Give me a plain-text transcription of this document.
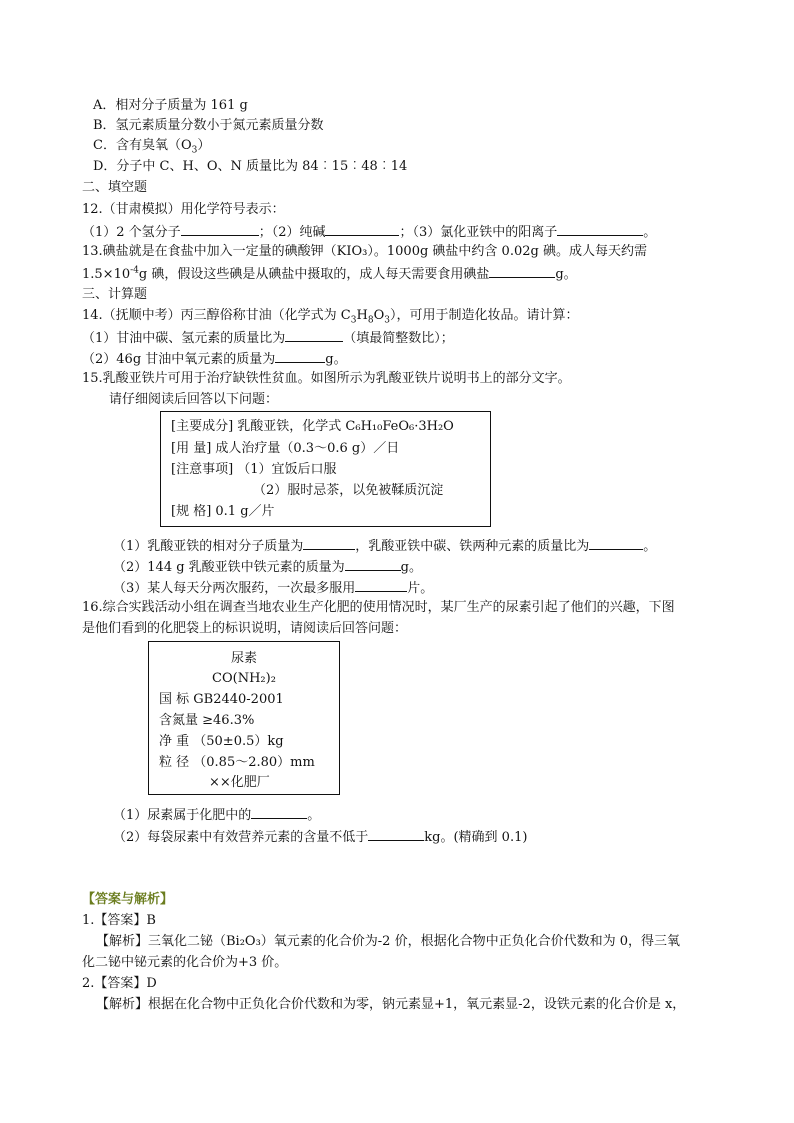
A．相对分子质量为 161 g
B．氢元素质量分数小于氮元素质量分数
C．含有臭氧$(O_3)$
D．分子中 C、H、O、N 质量比为 84︰15︰48︰14
二、填空题
12.（甘肃模拟）用化学符号表示：
（1）2 个氢分子	；（2）纯碱	；（3）氯化亚铁中的阳离子	。
13.碘盐就是在食盐中加入一定量的碘酸钾（KIO₃）。1000g 碘盐中约含 0.02g 碘。成人每天约需
$1.5\times 10^{-4}g$ 碘，假设这些碘是从碘盐中摄取的，成人每天需要食用碘盐	g。
三、计算题
14.（抚顺中考）丙三醇俗称甘油（化学式为 $C_3H_8O_3$），可用于制造化妆品。请计算：
（1）甘油中碳、氢元素的质量比为	（填最简整数比）；
（2）46g 甘油中氧元素的质量为	g。
15.乳酸亚铁片可用于治疗缺铁性贫血。如图所示为乳酸亚铁片说明书上的部分文字。
请仔细阅读后回答以下问题：
[主要成分] 乳酸亚铁，化学式 C₆H₁₀FeO₆·3H₂O
[用 量] 成人治疗量（0.3～0.6 g）／日
[注意事项] （1）宜饭后口服
（2）服时忌茶，以免被鞣质沉淀
[规 格] 0.1 g／片
（1）乳酸亚铁的相对分子质量为	，乳酸亚铁中碳、铁两种元素的质量比为	。
（2）144 g 乳酸亚铁中铁元素的质量为	g。
（3）某人每天分两次服药，一次最多服用	片。
16.综合实践活动小组在调查当地农业生产化肥的使用情况时，某厂生产的尿素引起了他们的兴趣，下图
是他们看到的化肥袋上的标识说明，请阅读后回答问题：
尿素
CO(NH₂)₂
国 标 GB2440-2001
含氮量 ≥46.3%
净 重 （50±0.5）kg
粒 径 （0.85～2.80）mm
××化肥厂
（1）尿素属于化肥中的	。
（2）每袋尿素中有效营养元素的含量不低于	kg。(精确到 0.1)
【答案与解析】
1.【答案】B
【解析】三氧化二铋（Bi₂O₃）氧元素的化合价为-2 价，根据化合物中正负化合价代数和为 0，得三氧
化二铋中铋元素的化合价为+3 价。
2.【答案】D
【解析】根据在化合物中正负化合价代数和为零，钠元素显+1，氧元素显-2，设铁元素的化合价是 x，
